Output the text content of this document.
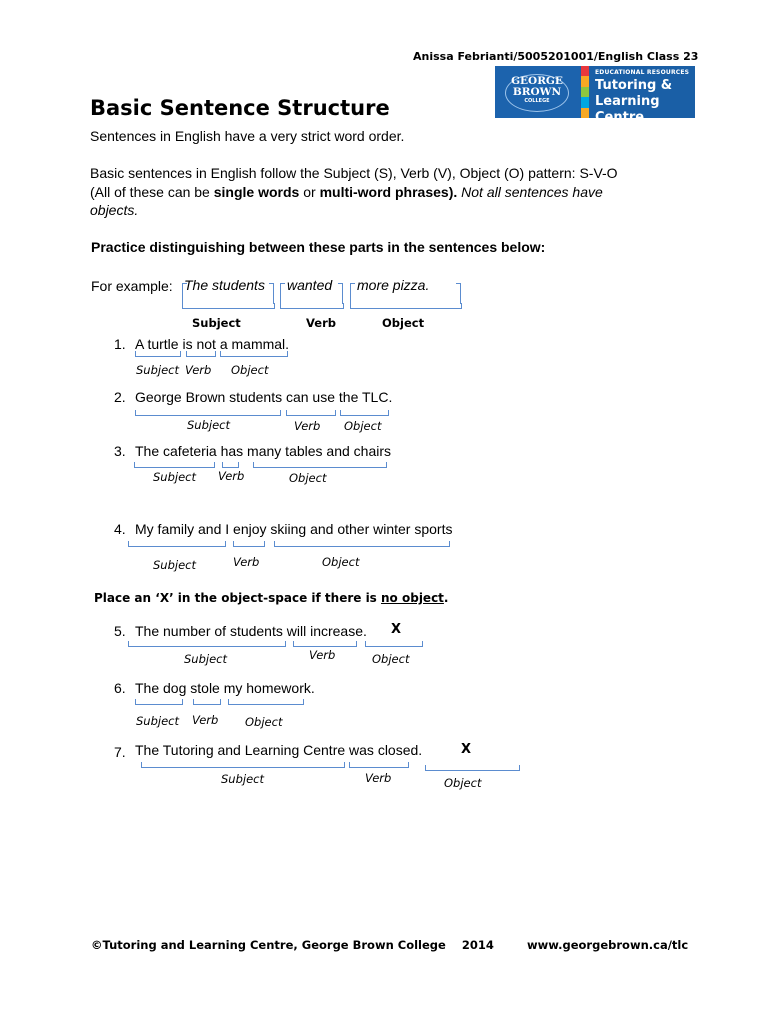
Anissa Febrianti/5005201001/English Class 23
GEORGE
BROWN
COLLEGE
EDUCATIONAL RESOURCES
Tutoring &
Learning Centre
Basic Sentence Structure
Sentences in English have a very strict word order.
Basic sentences in English follow the Subject (S), Verb (V), Object (O) pattern: S-V-O
(All of these can be single words or multi-word phrases). Not all sentences have
objects.
Practice distinguishing between these parts in the sentences below:
For example: The students wanted more pizza.
Subject	Verb	Object
1. A turtle is not a mammal.
Subject Verb Object
2. George Brown students can use the TLC.
Subject	Verb Object
3. The cafeteria has many tables and chairs
Subject Verb	Object
4. My family and I enjoy skiing and other winter sports
Subject	Verb	Object
Place an ‘X’ in the object-space if there is no object.
5. The number of students will increase. X
Subject	Verb	Object
6. The dog stole my homework.
Subject Verb Object
7. The Tutoring and Learning Centre was closed.	X
Subject	Verb	Object
©Tutoring and Learning Centre, George Brown College    2014	www.georgebrown.ca/tlc
